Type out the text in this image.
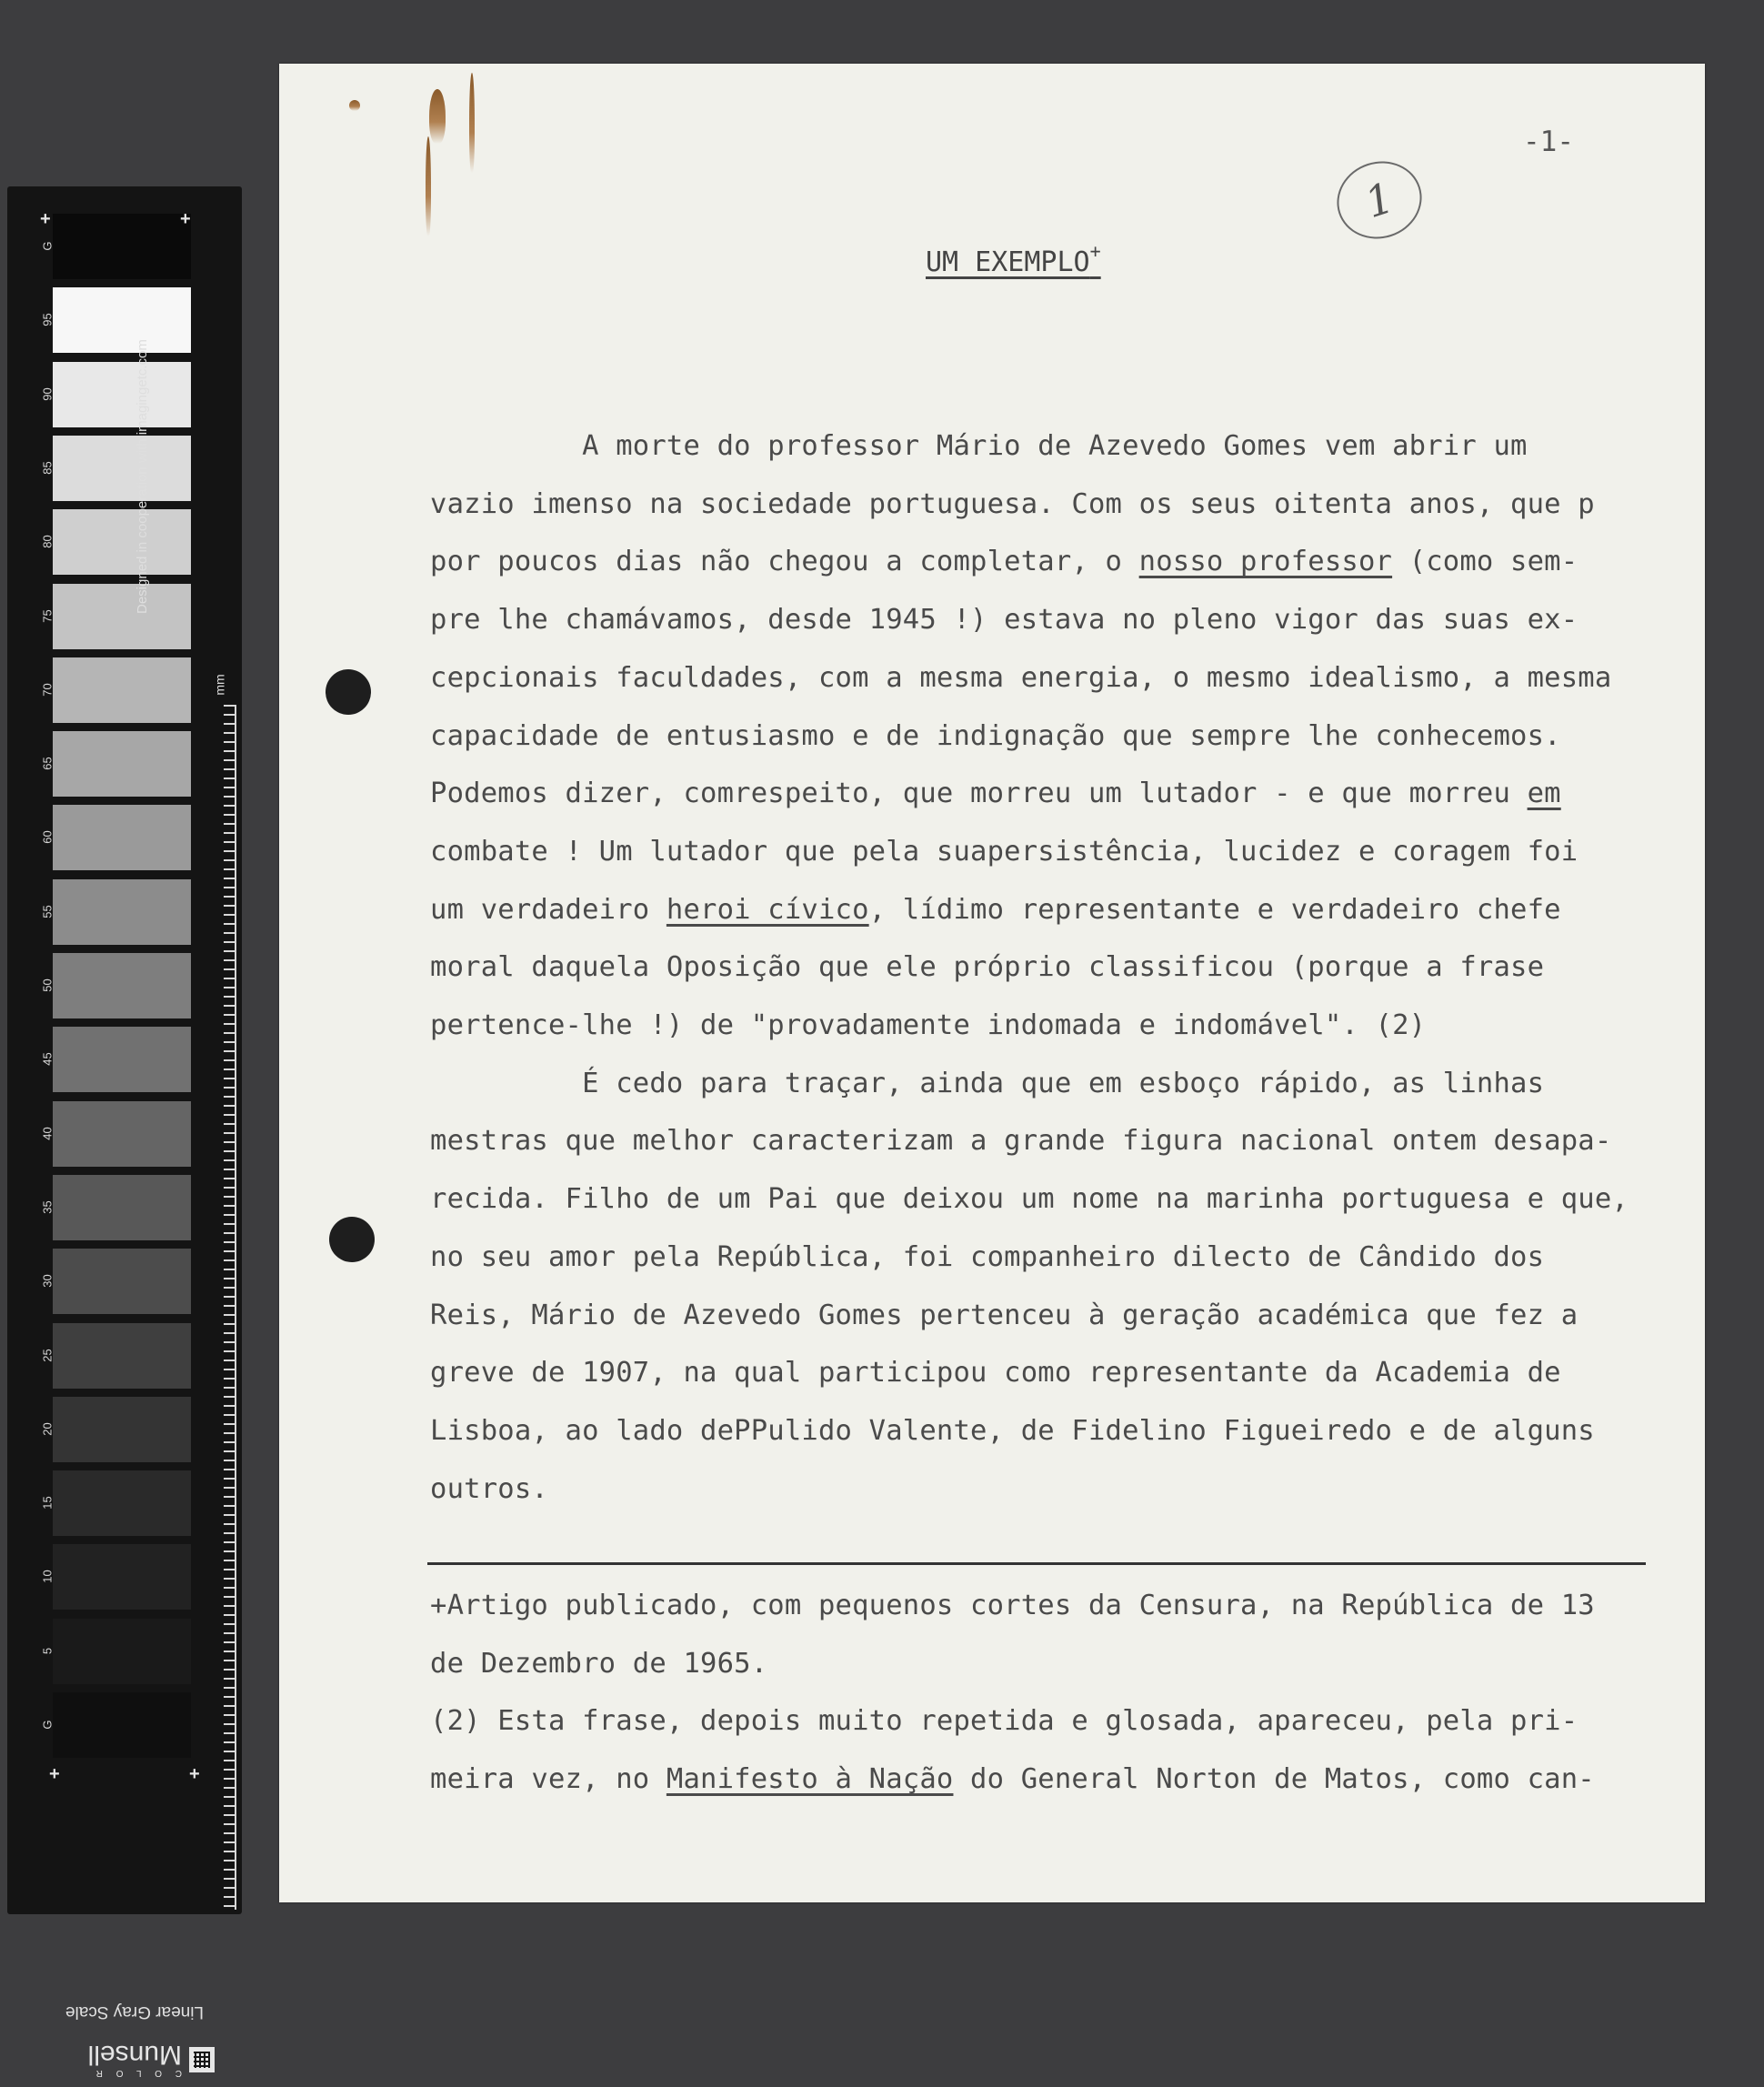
G
95
90
85
80
75
70
65
60
55
50
45
40
35
30
25
20
15
10
5
G
+	+
+	+
Designed in cooperation with imagingetc.com
mm
Linear Gray Scale
C O L O R
Munsell
-1-
1
UM EXEMPLO+
A morte do professor Mário de Azevedo Gomes vem abrir um
vazio imenso na sociedade portuguesa. Com os seus oitenta anos, que p
por poucos dias não chegou a completar, o nosso professor (como sem-
pre lhe chamávamos, desde 1945 !) estava no pleno vigor das suas ex-
cepcionais faculdades, com a mesma energia, o mesmo idealismo, a mesma
capacidade de entusiasmo e de indignação que sempre lhe conhecemos.
Podemos dizer, comrespeito, que morreu um lutador - e que morreu em
combate ! Um lutador que pela suapersistência, lucidez e coragem foi
um verdadeiro heroi cívico, lídimo representante e verdadeiro chefe
moral daquela Oposição que ele próprio classificou (porque a frase
pertence-lhe !) de "provadamente indomada e indomável". (2)
É cedo para traçar, ainda que em esboço rápido, as linhas
mestras que melhor caracterizam a grande figura nacional ontem desapa-
recida. Filho de um Pai que deixou um nome na marinha portuguesa e que,
no seu amor pela República, foi companheiro dilecto de Cândido dos
Reis, Mário de Azevedo Gomes pertenceu à geração académica que fez a
greve de 1907, na qual participou como representante da Academia de
Lisboa, ao lado dePPulido Valente, de Fidelino Figueiredo e de alguns
outros.
+Artigo publicado, com pequenos cortes da Censura, na República de 13
de Dezembro de 1965.
(2) Esta frase, depois muito repetida e glosada, apareceu, pela pri-
meira vez, no Manifesto à Nação do General Norton de Matos, como can-
